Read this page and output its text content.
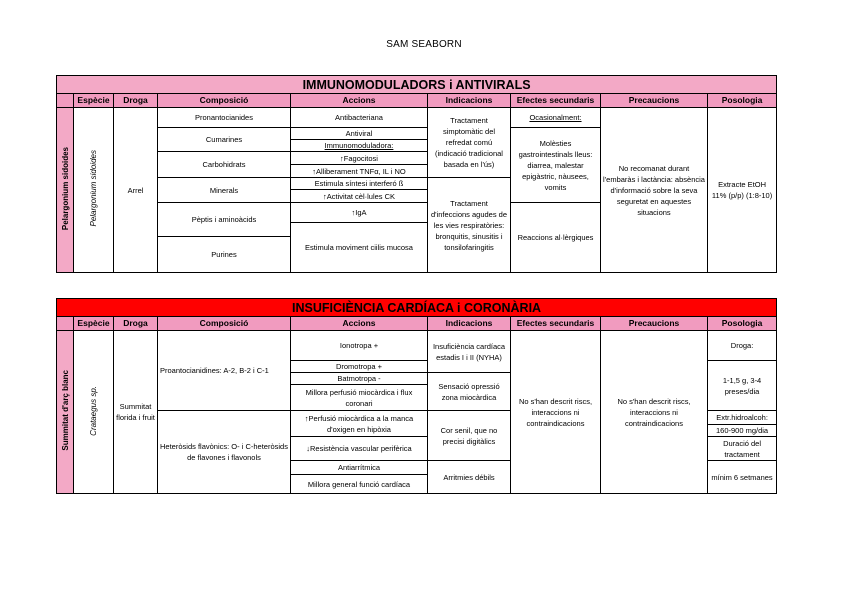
SAM SEABORN
IMMUNOMODULADORS i ANTIVIRALS								
	Espècie	Droga	Composició	Accions	Indicacions	Efectes secundaris	Precaucions	Posologia
Pelargonium sidoides	Pelargonium sidoides	Arrel	Pronantocianides	Antibacteriana	Tractament simptomàtic del refredat comú (indicació tradicional basada en l'ús)	Ocasionalment:	No recomanat durant l'embaràs i lactància: absència d'informació sobre la seva seguretat en aquestes situacions	Extracte EtOH 11% (p/p) (1:8-10)
			Cumarines	Antiviral		Molèsties gastrointestinals lleus: diarrea, malestar epigàstric, nàusees, vomits		
				Immunomoduladora:				
			Carbohidrats	↑Fagocitosi				
				↑Alliberament TNFα, IL i NO				
			Minerals	Estimula síntesi interferó ß	Tractament d'infeccions agudes de les vies respiratòries: bronquitis, sinusitis i tonsilofaringitis			
				↑Activitat cèl·lules CK				
			Pèptis i aminoàcids	↑IgA		Reaccions al·lèrgiques		
				Estimula moviment ciilis mucosa				
			Purines					

INSUFICIÈNCIA CARDÍACA i CORONÀRIA								
	Espècie	Droga	Composició	Accions	Indicacions	Efectes secundaris	Precaucions	Posologia
Summitat d'arç blanc	Crataegus sp.	Summitat florida i fruit	Proantocianidines: A-2, B-2 i C-1	Ionotropa +	Insuficiència cardíaca estadis I i II (NYHA)	No s'han descrit riscs, interaccions ni contraindicacions	No s'han descrit riscs, interaccions ni contraindicacions	Droga:
				Dromotropa +				1-1,5 g, 3-4 preses/dia
				Batmotropa -	Sensació opressió zona miocàrdica			
				Millora perfusió miocàrdica i flux coronari				
			Heteròsids flavònics: O- i C-heteròsids de flavones i flavonols	↑Perfusió miocàrdica a la manca d'oxigen en hipòxia	Cor senil, que no precisi digitàlics			Extr.hidroalcoh:
								160-900 mg/dia
				↓Resistència vascular perifèrica				Duració del tractament
				Antiarrítmica	Arritmies débils			mínim 6 setmanes
				Millora general funció cardíaca				
